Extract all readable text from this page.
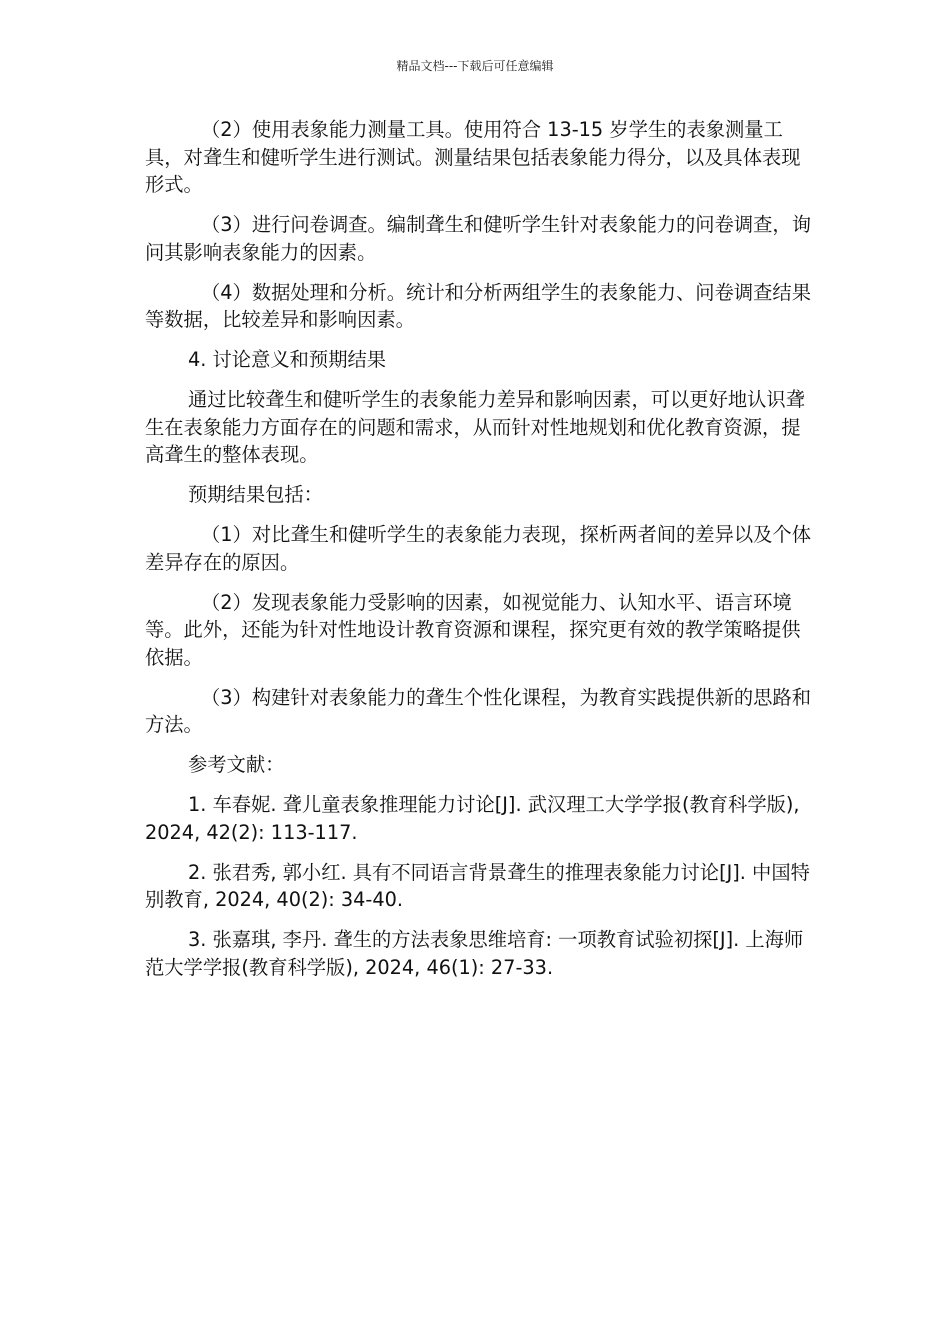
精品文档---下载后可任意编辑

（2）使用表象能力测量工具。使用符合 13-15 岁学生的表象测量工具，对聋生和健听学生进行测试。测量结果包括表象能力得分，以及具体表现形式。

（3）进行问卷调查。编制聋生和健听学生针对表象能力的问卷调查，询问其影响表象能力的因素。

（4）数据处理和分析。统计和分析两组学生的表象能力、问卷调查结果等数据，比较差异和影响因素。

4. 讨论意义和预期结果

通过比较聋生和健听学生的表象能力差异和影响因素，可以更好地认识聋生在表象能力方面存在的问题和需求，从而针对性地规划和优化教育资源，提高聋生的整体表现。

预期结果包括：

（1）对比聋生和健听学生的表象能力表现，探析两者间的差异以及个体差异存在的原因。

（2）发现表象能力受影响的因素，如视觉能力、认知水平、语言环境等。此外，还能为针对性地设计教育资源和课程，探究更有效的教学策略提供依据。

（3）构建针对表象能力的聋生个性化课程，为教育实践提供新的思路和方法。

参考文献：

1. 车春妮. 聋儿童表象推理能力讨论[J]. 武汉理工大学学报(教育科学版), 2024, 42(2): 113-117.

2. 张君秀, 郭小红. 具有不同语言背景聋生的推理表象能力讨论[J]. 中国特别教育, 2024, 40(2): 34-40.

3. 张嘉琪, 李丹. 聋生的方法表象思维培育: 一项教育试验初探[J]. 上海师范大学学报(教育科学版), 2024, 46(1): 27-33.
